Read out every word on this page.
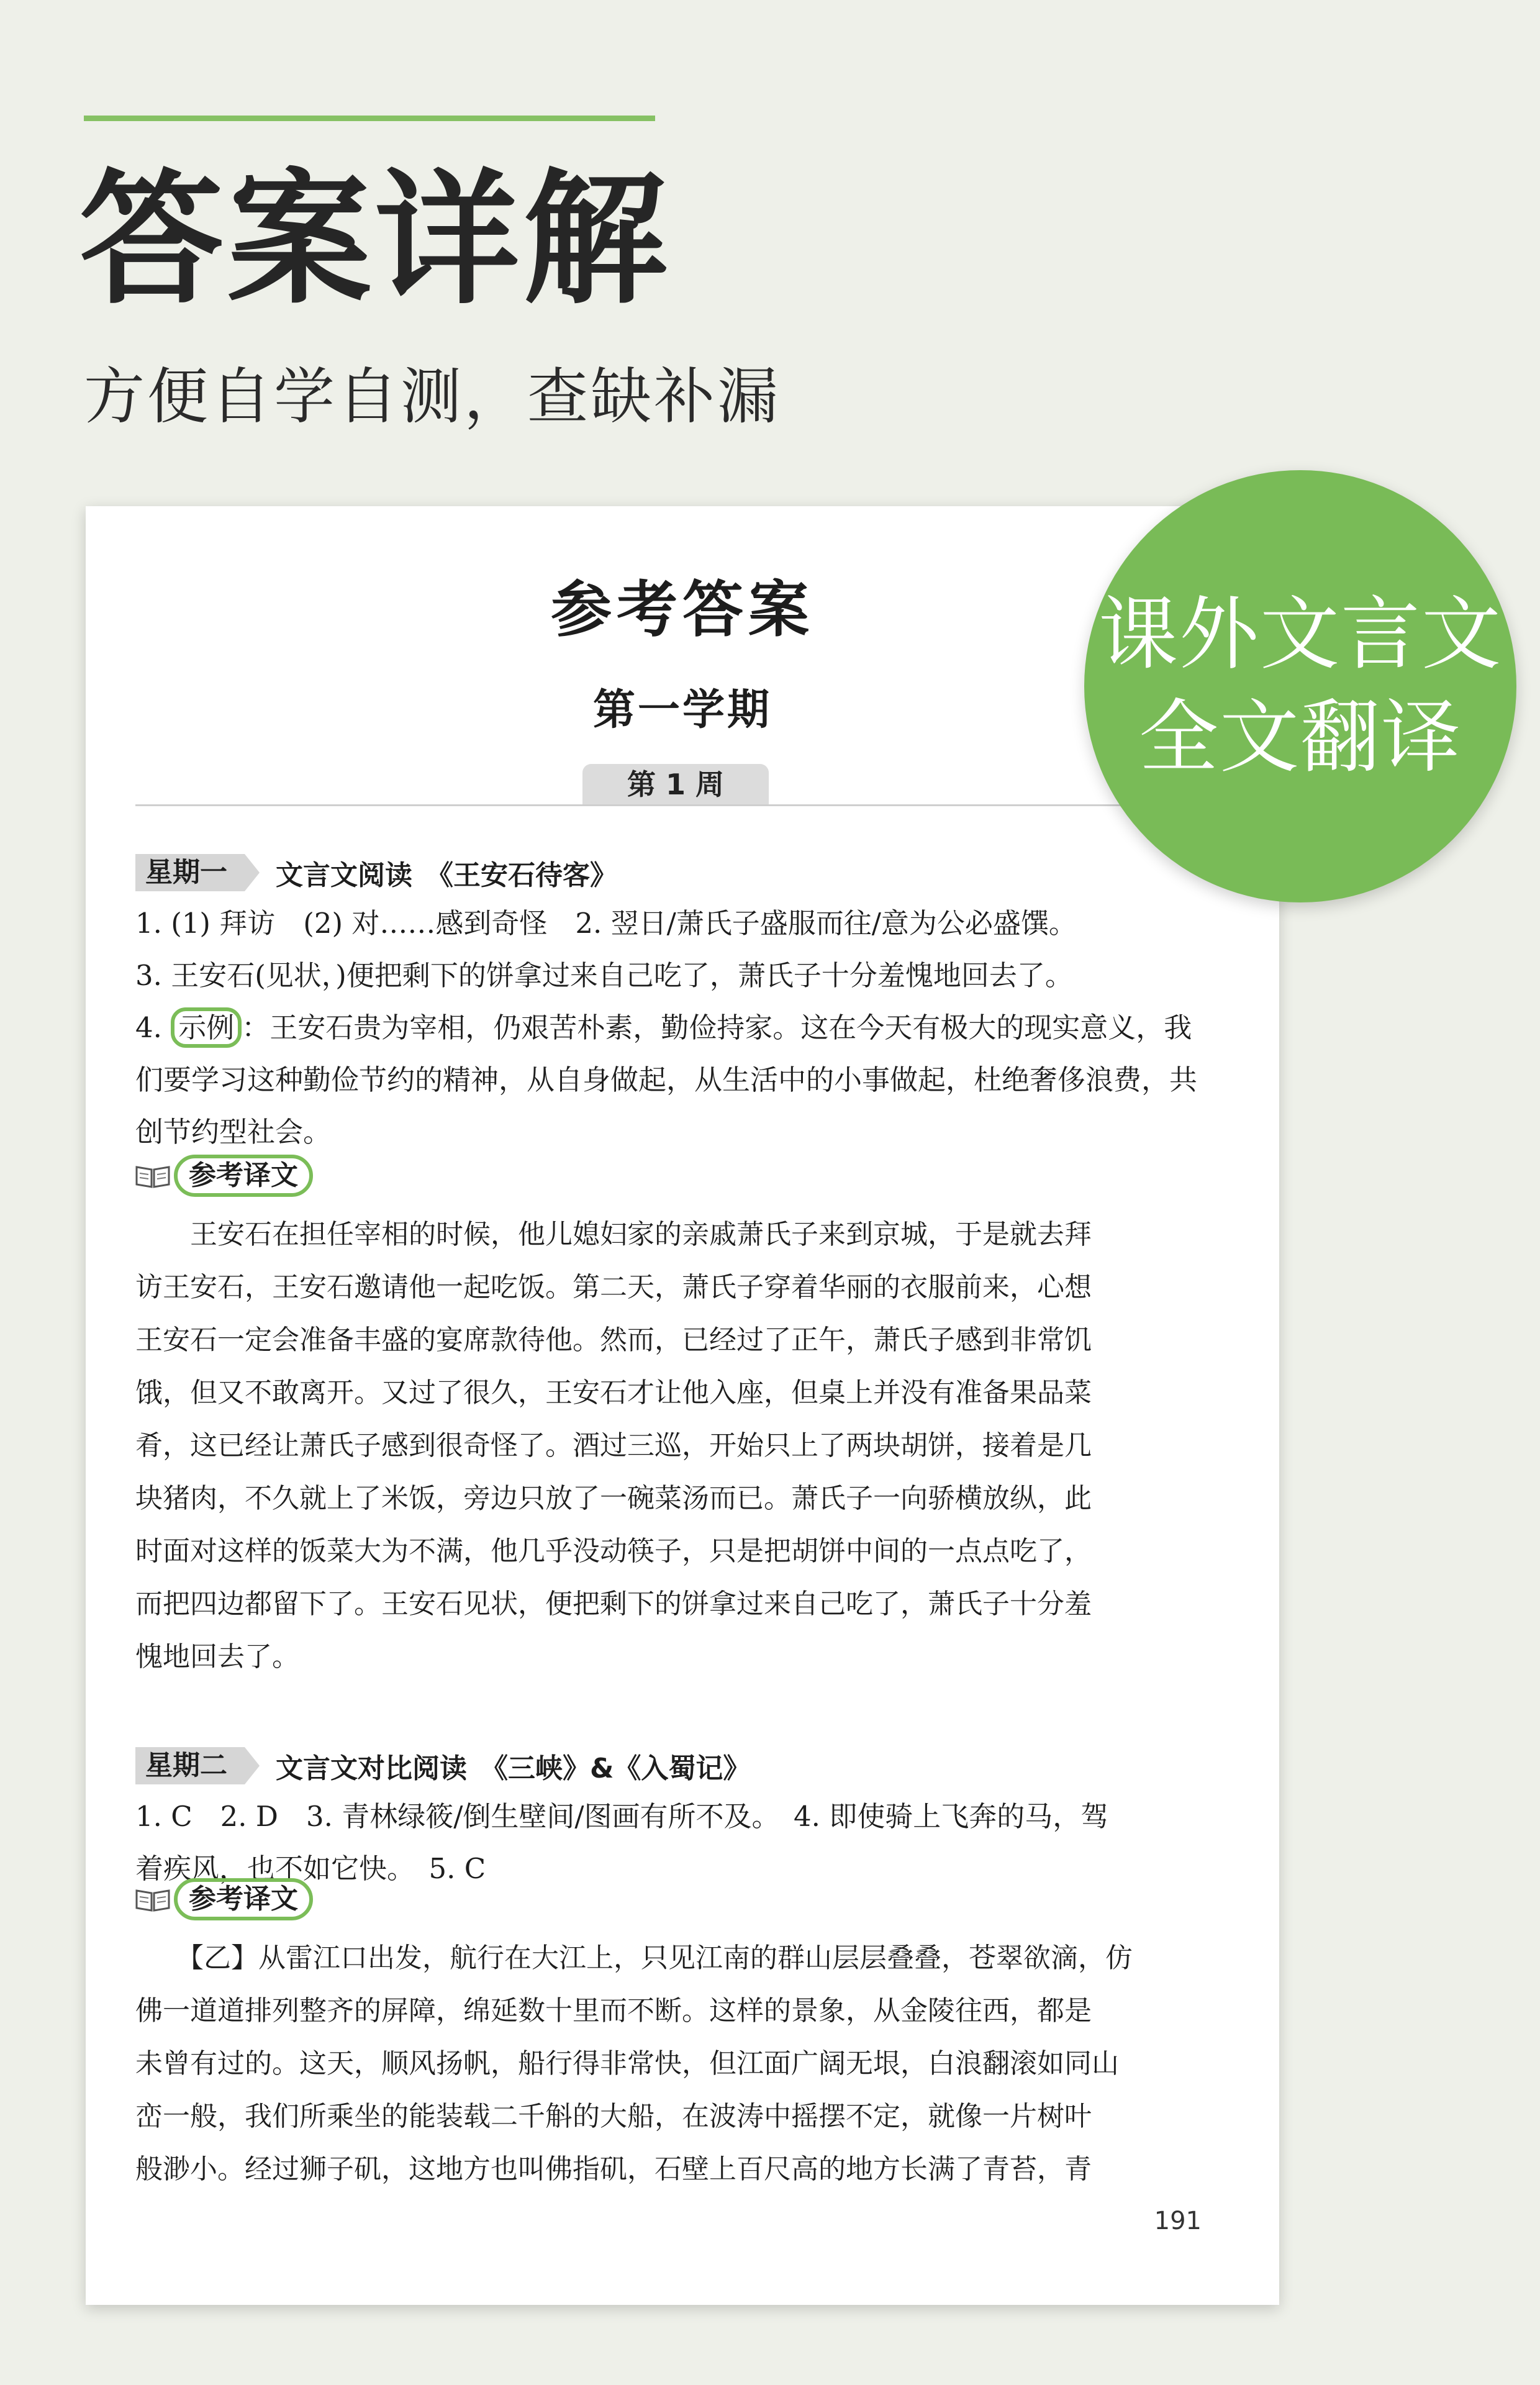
答案详解
方便自学自测，查缺补漏
参考答案
第一学期
第 1 周
星期一	文言文阅读　《王安石待客》
1. (1) 拜访　(2) 对……感到奇怪　2. 翌日/萧氏子盛服而往/意为公必盛馔。
3. 王安石(见状，)便把剩下的饼拿过来自己吃了，萧氏子十分羞愧地回去了。
4. 示例 ：王安石贵为宰相，仍艰苦朴素，勤俭持家。这在今天有极大的现实意义，我
们要学习这种勤俭节约的精神，从自身做起，从生活中的小事做起，杜绝奢侈浪费，共
创节约型社会。
参考译文
　　王安石在担任宰相的时候，他儿媳妇家的亲戚萧氏子来到京城，于是就去拜
访王安石，王安石邀请他一起吃饭。第二天，萧氏子穿着华丽的衣服前来，心想
王安石一定会准备丰盛的宴席款待他。然而，已经过了正午，萧氏子感到非常饥
饿，但又不敢离开。又过了很久，王安石才让他入座，但桌上并没有准备果品菜
肴，这已经让萧氏子感到很奇怪了。酒过三巡，开始只上了两块胡饼，接着是几
块猪肉，不久就上了米饭，旁边只放了一碗菜汤而已。萧氏子一向骄横放纵，此
时面对这样的饭菜大为不满，他几乎没动筷子，只是把胡饼中间的一点点吃了，
而把四边都留下了。王安石见状，便把剩下的饼拿过来自己吃了，萧氏子十分羞
愧地回去了。
星期二	文言文对比阅读　《三峡》&《入蜀记》
1. C　2. D　3. 青林绿筱/倒生壁间/图画有所不及。　4. 即使骑上飞奔的马，驾
着疾风，也不如它快。　5. C
参考译文
　　【乙】从雷江口出发，航行在大江上，只见江南的群山层层叠叠，苍翠欲滴，仿
佛一道道排列整齐的屏障，绵延数十里而不断。这样的景象，从金陵往西，都是
未曾有过的。这天，顺风扬帆，船行得非常快，但江面广阔无垠，白浪翻滚如同山
峦一般，我们所乘坐的能装载二千斛的大船，在波涛中摇摆不定，就像一片树叶
般渺小。经过狮子矶，这地方也叫佛指矶，石壁上百尺高的地方长满了青苔，青
191
课外文言文
全文翻译
